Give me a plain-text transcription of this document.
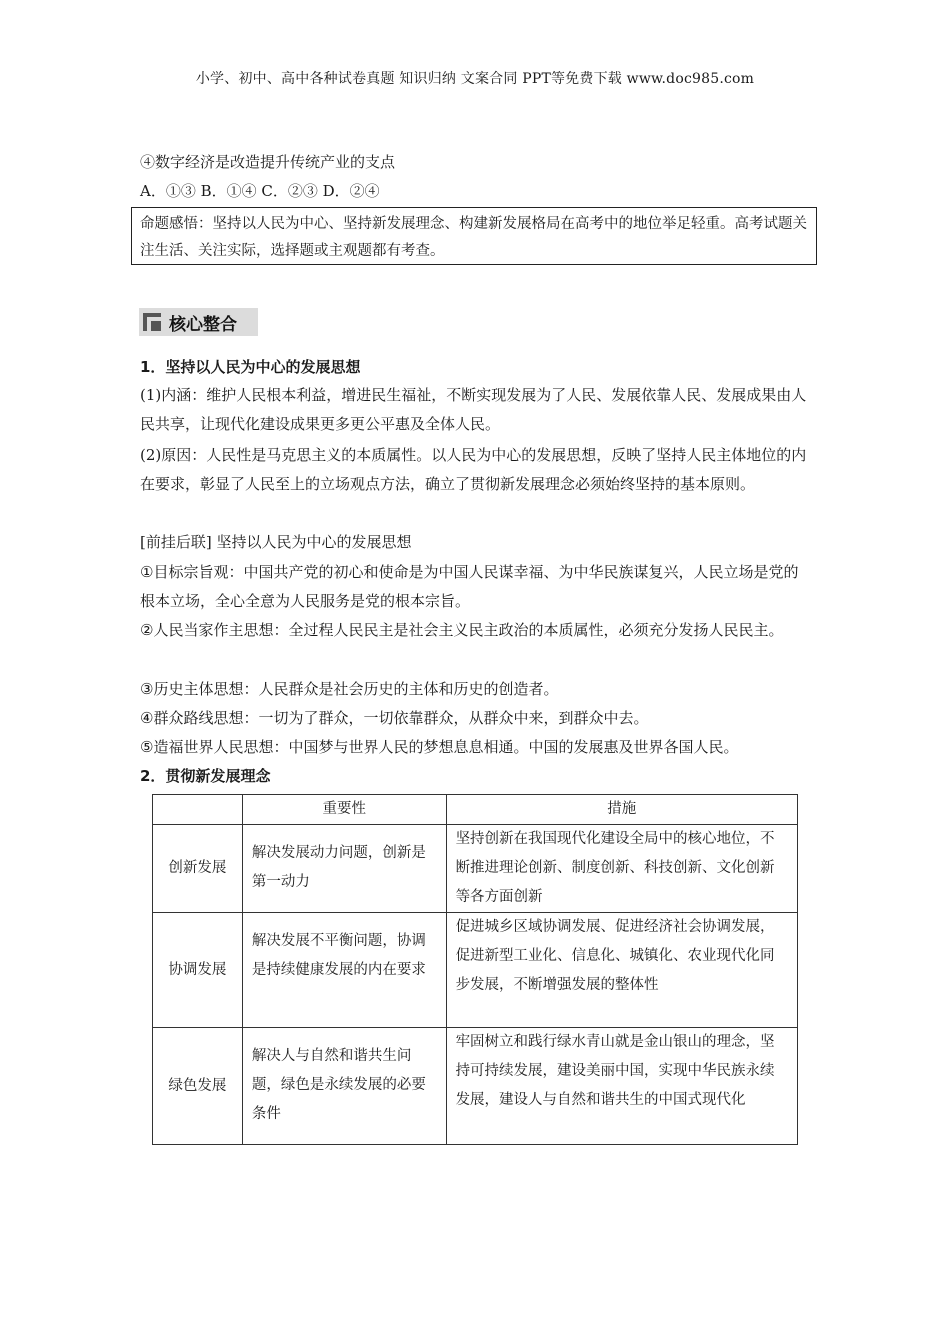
小学、初中、高中各种试卷真题 知识归纳 文案合同 PPT等免费下载 www.doc985.com
④数字经济是改造提升传统产业的支点
A．①③ B．①④ C．②③ D．②④
命题感悟：坚持以人民为中心、坚持新发展理念、构建新发展格局在高考中的地位举足轻重。高考试题关注生活、关注实际，选择题或主观题都有考查。
核心整合
1．坚持以人民为中心的发展思想
(1)内涵：维护人民根本利益，增进民生福祉，不断实现发展为了人民、发展依靠人民、发展成果由人民共享，让现代化建设成果更多更公平惠及全体人民。
(2)原因：人民性是马克思主义的本质属性。以人民为中心的发展思想，反映了坚持人民主体地位的内在要求，彰显了人民至上的立场观点方法，确立了贯彻新发展理念必须始终坚持的基本原则。
[前挂后联] 坚持以人民为中心的发展思想
①目标宗旨观：中国共产党的初心和使命是为中国人民谋幸福、为中华民族谋复兴，人民立场是党的根本立场，全心全意为人民服务是党的根本宗旨。
②人民当家作主思想：全过程人民民主是社会主义民主政治的本质属性，必须充分发扬人民民主。
③历史主体思想：人民群众是社会历史的主体和历史的创造者。
④群众路线思想：一切为了群众，一切依靠群众，从群众中来，到群众中去。
⑤造福世界人民思想：中国梦与世界人民的梦想息息相通。中国的发展惠及世界各国人民。
2．贯彻新发展理念
	重要性	措施
创新发展	解决发展动力问题，创新是第一动力	坚持创新在我国现代化建设全局中的核心地位，不断推进理论创新、制度创新、科技创新、文化创新等各方面创新
协调发展	解决发展不平衡问题，协调是持续健康发展的内在要求	促进城乡区域协调发展、促进经济社会协调发展，促进新型工业化、信息化、城镇化、农业现代化同步发展，不断增强发展的整体性
绿色发展	解决人与自然和谐共生问题，绿色是永续发展的必要条件	牢固树立和践行绿水青山就是金山银山的理念，坚持可持续发展，建设美丽中国，实现中华民族永续发展，建设人与自然和谐共生的中国式现代化
